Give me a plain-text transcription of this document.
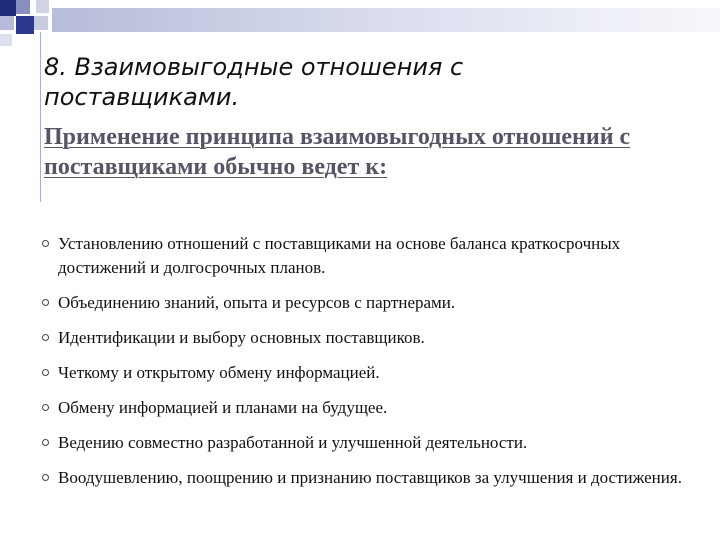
8. Взаимовыгодные отношения с поставщиками.
Применение принципа взаимовыгодных отношений с поставщиками обычно ведет к:
Установлению отношений с поставщиками на основе баланса краткосрочных достижений и долгосрочных планов.
Объединению знаний, опыта и ресурсов с партнерами.
Идентификации и выбору основных поставщиков.
Четкому и открытому обмену информацией.
Обмену информацией и планами на будущее.
Ведению совместно разработанной и улучшенной деятельности.
Воодушевлению, поощрению и признанию поставщиков за улучшения и достижения.
